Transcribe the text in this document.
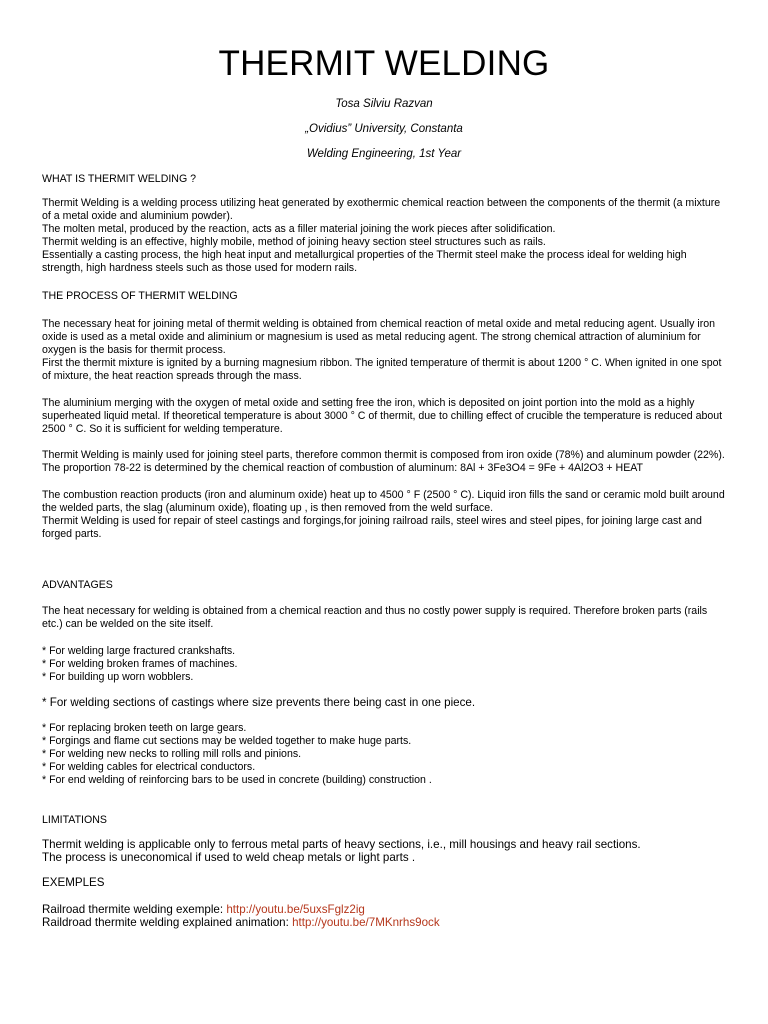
THERMIT WELDING
Tosa Silviu Razvan
„Ovidius” University, Constanta
Welding Engineering, 1st Year

WHAT IS THERMIT WELDING ?

Thermit Welding is a welding process utilizing heat generated by exothermic chemical reaction between the components of the thermit (a mixture of a metal oxide and aluminium powder).

The molten metal, produced by the reaction, acts as a filler material joining the work pieces after solidification.

Thermit welding is an effective, highly mobile, method of joining heavy section steel structures such as rails.

Essentially a casting process, the high heat input and metallurgical properties of the Thermit steel make the process ideal for welding high strength, high hardness steels such as those used for modern rails.

THE PROCESS OF THERMIT WELDING

The necessary heat for joining metal of thermit welding is obtained from chemical reaction of metal oxide and metal reducing agent. Usually iron oxide is used as a metal oxide and aliminium or magnesium is used as metal reducing agent. The strong chemical attraction of aluminium for oxygen is the basis for thermit process.

First the thermit mixture is ignited by a burning magnesium ribbon. The ignited temperature of thermit is about 1200 ° C. When ignited in one spot of mixture, the heat reaction spreads through the mass.

The aluminium merging with the oxygen of metal oxide and setting free the iron, which is deposited on joint portion into the mold as a highly superheated liquid metal. If theoretical temperature is about 3000 ° C of thermit, due to chilling effect of crucible the temperature is reduced about 2500 ° C. So it is sufficient for welding temperature.

Thermit Welding is mainly used for joining steel parts, therefore common thermit is composed from iron oxide (78%) and aluminum powder (22%). The proportion 78-22 is determined by the chemical reaction of combustion of aluminum: 8Al + 3Fe3O4 = 9Fe + 4Al2O3 + HEAT

The combustion reaction products (iron and aluminum oxide) heat up to 4500 ° F (2500 ° C). Liquid iron fills the sand or ceramic mold built around the welded parts, the slag (aluminum oxide), floating up , is then removed from the weld surface.

Thermit Welding is used for repair of steel castings and forgings,for joining railroad rails, steel wires and steel pipes, for joining large cast and forged parts.

ADVANTAGES

The heat necessary for welding is obtained from a chemical reaction and thus no costly power supply is required. Therefore broken parts (rails etc.) can be welded on the site itself.

* For welding large fractured crankshafts.

* For welding broken frames of machines.

* For building up worn wobblers.

* For welding sections of castings where size prevents there being cast in one piece.

* For replacing broken teeth on large gears.

* Forgings and flame cut sections may be welded together to make huge parts.

* For welding new necks to rolling mill rolls and pinions.

* For welding cables for electrical conductors.

* For end welding of reinforcing bars to be used in concrete (building) construction .

LIMITATIONS

Thermit welding is applicable only to ferrous metal parts of heavy sections, i.e., mill housings and heavy rail sections.

The process is uneconomical if used to weld cheap metals or light parts .

EXEMPLES

Railroad thermite welding exemple: http://youtu.be/5uxsFglz2ig

Raildroad thermite welding explained animation: http://youtu.be/7MKnrhs9ock
